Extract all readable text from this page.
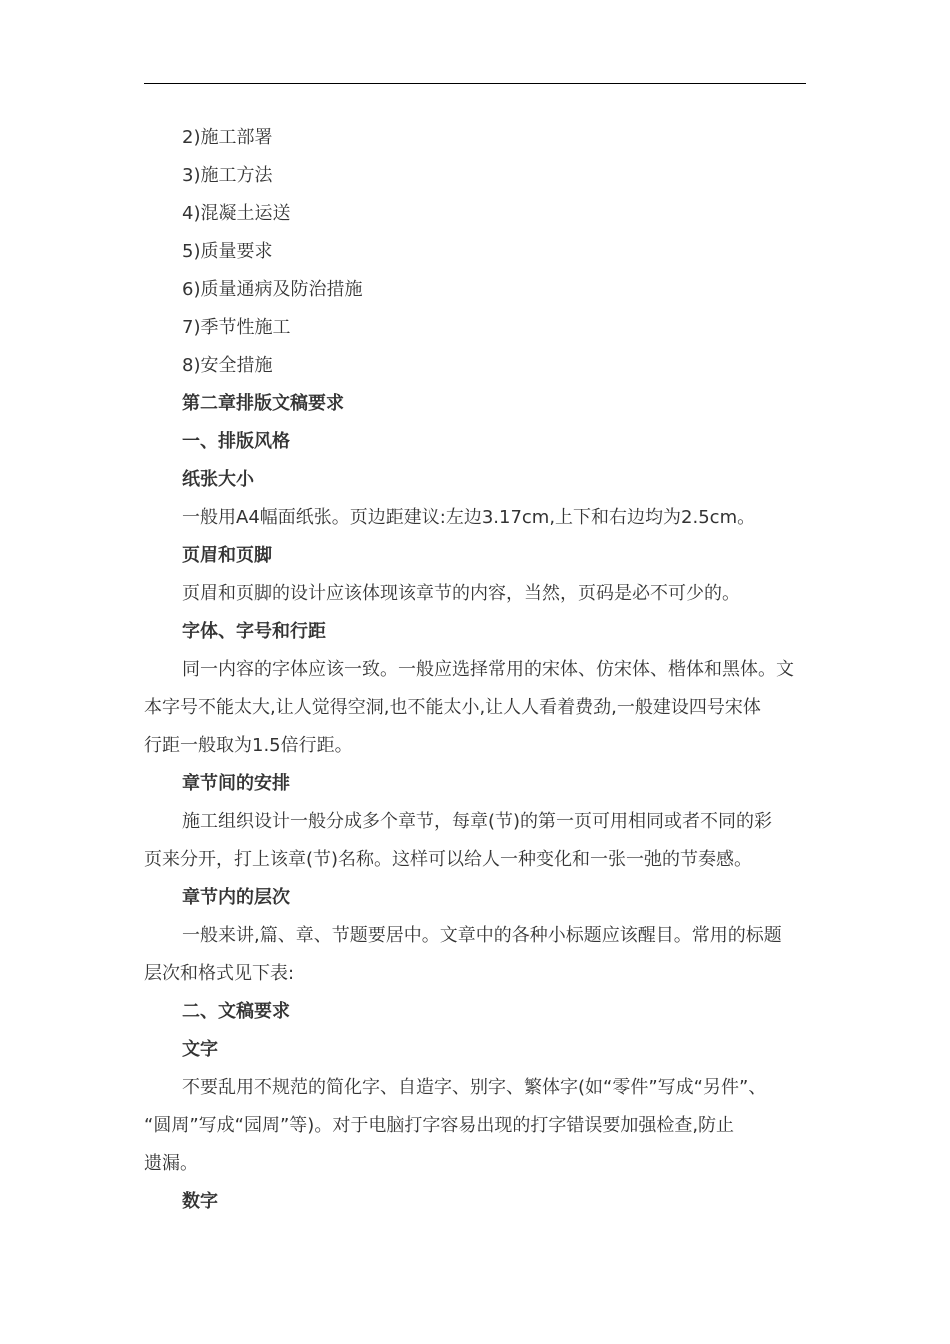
2)施工部署

3)施工方法

4)混凝土运送

5)质量要求

6)质量通病及防治措施

7)季节性施工

8)安全措施

第二章排版文稿要求

一、排版风格

纸张大小

一般用A4幅面纸张。页边距建议:左边3.17cm,上下和右边均为2.5cm。

页眉和页脚

页眉和页脚的设计应该体现该章节的内容，当然，页码是必不可少的。

字体、字号和行距

同一内容的字体应该一致。一般应选择常用的宋体、仿宋体、楷体和黑体。文

本字号不能太大,让人觉得空洞,也不能太小,让人人看着费劲,一般建设四号宋体

行距一般取为1.5倍行距。

章节间的安排

施工组织设计一般分成多个章节，每章(节)的第一页可用相同或者不同的彩

页来分开，打上该章(节)名称。这样可以给人一种变化和一张一弛的节奏感。

章节内的层次

一般来讲,篇、章、节题要居中。文章中的各种小标题应该醒目。常用的标题

层次和格式见下表:

二、文稿要求

文字

不要乱用不规范的简化字、自造字、别字、繁体字(如“零件”写成“另件”、

“圆周”写成“园周”等)。对于电脑打字容易出现的打字错误要加强检查,防止

遗漏。

数字
